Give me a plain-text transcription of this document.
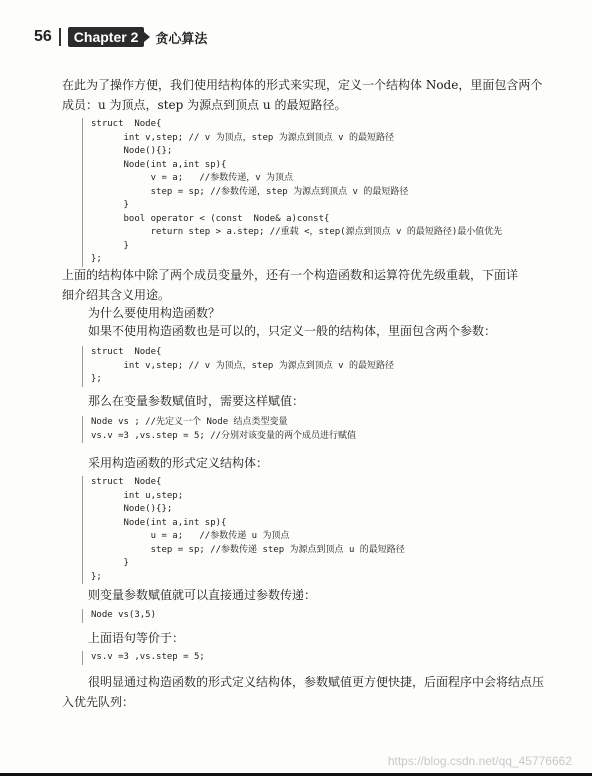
56	Chapter 2	贪心算法

在此为了操作方便，我们使用结构体的形式来实现，定义一个结构体 Node，里面包含两个

成员：u 为顶点，step 为源点到顶点 u 的最短路径。

struct  Node{
int v,step; // v 为顶点，step 为源点到顶点 v 的最短路径
Node(){};
Node(int a,int sp){
v = a;   //参数传递，v 为顶点
step = sp; //参数传递，step 为源点到顶点 v 的最短路径
}
bool operator < (const  Node& a)const{
return step > a.step; //重载 <，step(源点到顶点 v 的最短路径)最小值优先
}
};

上面的结构体中除了两个成员变量外，还有一个构造函数和运算符优先级重载，下面详

细介绍其含义用途。

为什么要使用构造函数？

如果不使用构造函数也是可以的，只定义一般的结构体，里面包含两个参数：

struct  Node{
int v,step; // v 为顶点，step 为源点到顶点 v 的最短路径
};

那么在变量参数赋值时，需要这样赋值：

Node vs ; //先定义一个 Node 结点类型变量
vs.v =3 ,vs.step = 5; //分别对该变量的两个成员进行赋值

采用构造函数的形式定义结构体：

struct  Node{
int u,step;
Node(){};
Node(int a,int sp){
u = a;   //参数传递 u 为顶点
step = sp; //参数传递 step 为源点到顶点 u 的最短路径
}
};

则变量参数赋值就可以直接通过参数传递：

Node vs(3,5)

上面语句等价于：

vs.v =3 ,vs.step = 5;

很明显通过构造函数的形式定义结构体，参数赋值更方便快捷，后面程序中会将结点压

入优先队列：

https://blog.csdn.net/qq_45776662
